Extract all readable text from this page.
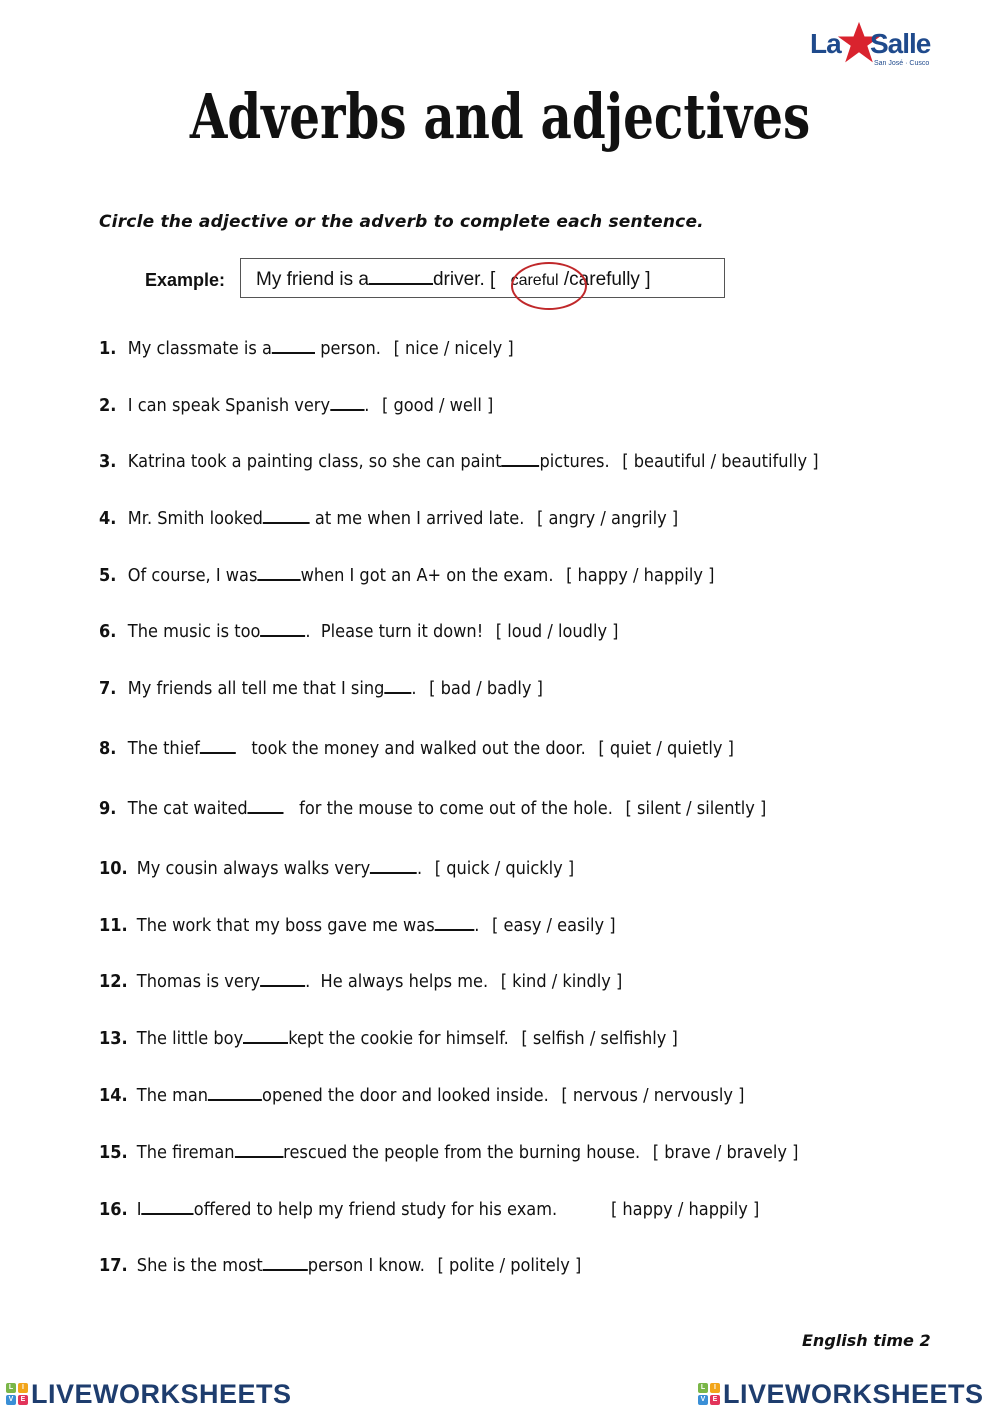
La Salle
San José · Cusco
Adverbs and adjectives
Circle the adjective or the adverb to complete each sentence.
Example:	My friend is a	driver. [ careful /carefully ]
1. My classmate is a person. [ nice / nicely ]
2. I can speak Spanish very . [ good / well ]
3. Katrina took a painting class, so she can paint pictures. [ beautiful / beautifully ]
4. Mr. Smith looked	at me when I arrived late. [ angry / angrily ]
5. Of course, I was when I got an A+ on the exam. [ happy / happily ]
6. The music is too	.  Please turn it down! [ loud / loudly ]
7. My friends all tell me that I sing . [ bad / badly ]
8. The thief   took the money and walked out the door. [ quiet / quietly ]
9. The cat waited   for the mouse to come out of the hole. [ silent / silently ]
10. My cousin always walks very	. [ quick / quickly ]
11. The work that my boss gave me was . [ easy / easily ]
12. Thomas is very	.  He always helps me. [ kind / kindly ]
13. The little boy	kept the cookie for himself. [ selfish / selfishly ]
14. The man	opened the door and looked inside. [ nervous / nervously ]
15. The fireman	rescued the people from the burning house. [ brave / bravely ]
16. I	offered to help my friend study for his exam.        [ happy / happily ]
17. She is the most	person I know. [ polite / politely ]
English time 2
L	I
V	E LIVEWORKSHEETS	L	I
V	E LIVEWORKSHEETS
